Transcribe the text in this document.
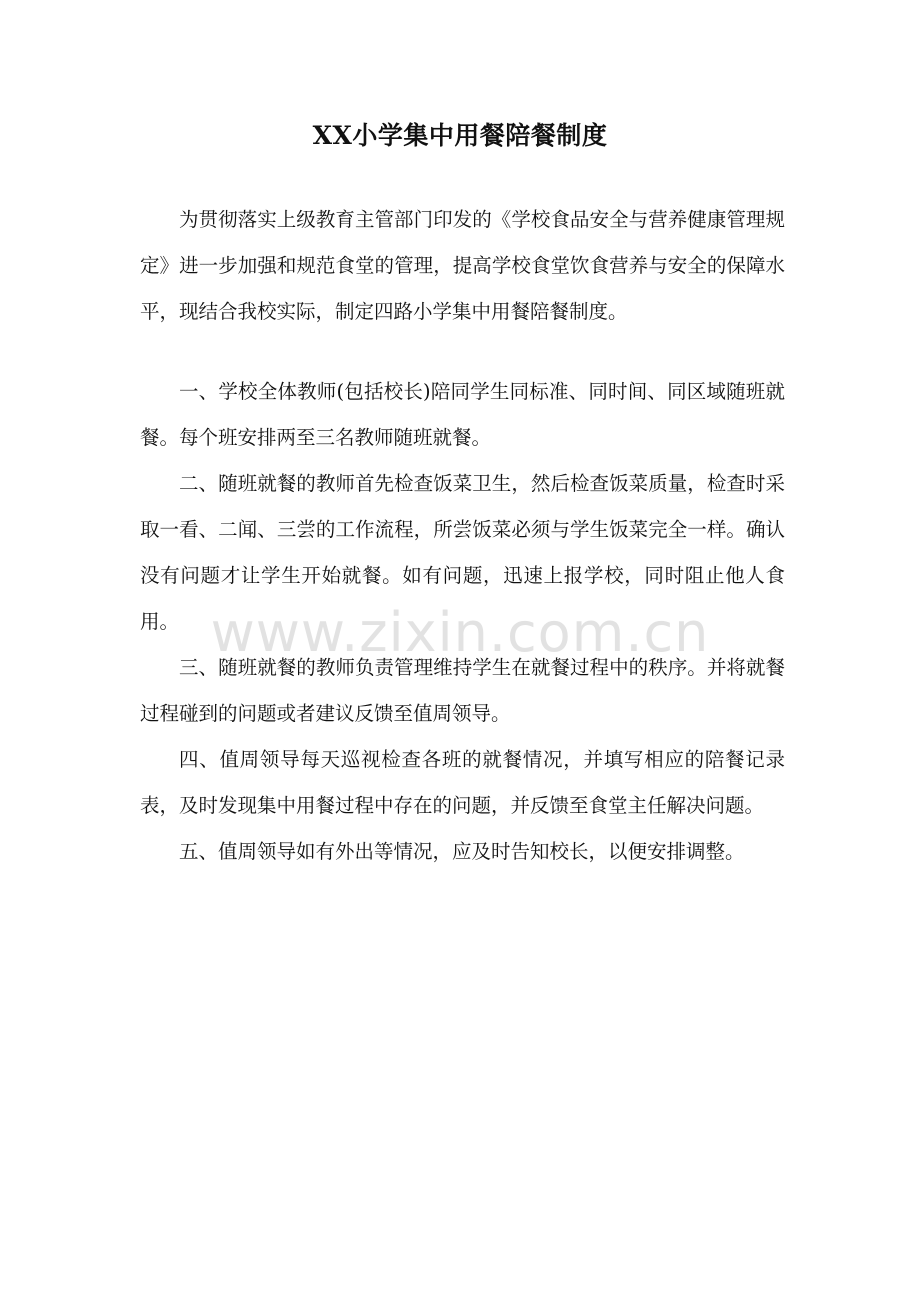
XX小学集中用餐陪餐制度

为贯彻落实上级教育主管部门印发的《学校食品安全与营养健康管理规定》进一步加强和规范食堂的管理，提高学校食堂饮食营养与安全的保障水平，现结合我校实际，制定四路小学集中用餐陪餐制度。

一、学校全体教师(包括校长)陪同学生同标准、同时间、同区域随班就餐。每个班安排两至三名教师随班就餐。

二、随班就餐的教师首先检查饭菜卫生，然后检查饭菜质量，检查时采取一看、二闻、三尝的工作流程，所尝饭菜必须与学生饭菜完全一样。确认没有问题才让学生开始就餐。如有问题，迅速上报学校，同时阻止他人食用。

三、随班就餐的教师负责管理维持学生在就餐过程中的秩序。并将就餐过程碰到的问题或者建议反馈至值周领导。

四、值周领导每天巡视检查各班的就餐情况，并填写相应的陪餐记录表，及时发现集中用餐过程中存在的问题，并反馈至食堂主任解决问题。

五、值周领导如有外出等情况，应及时告知校长，以便安排调整。

www.zixin.com.cn
